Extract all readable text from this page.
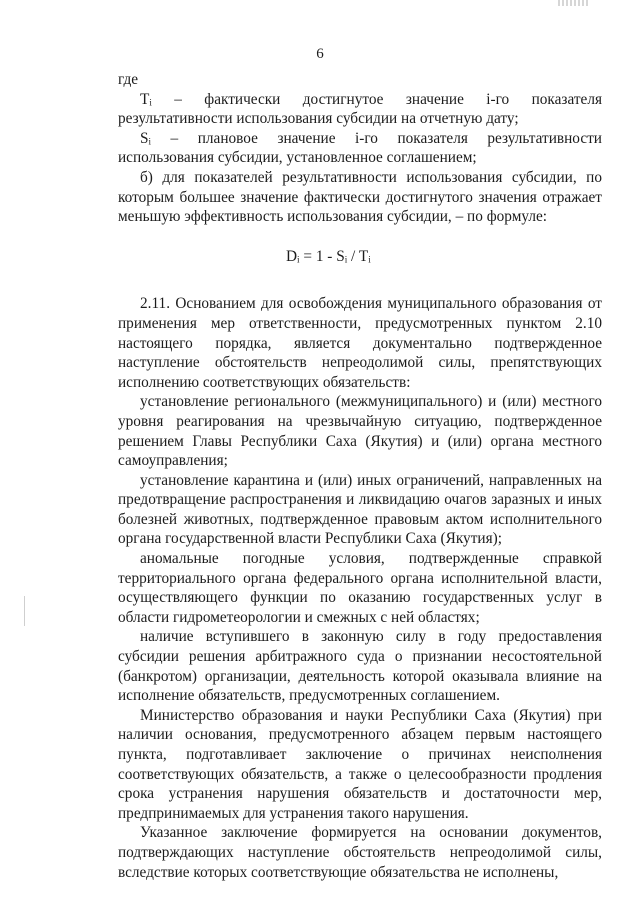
6

где

Tᵢ – фактически достигнутое значение i-го показателя результативности использования субсидии на отчетную дату;

Sᵢ – плановое значение i-го показателя результативности использования субсидии, установленное соглашением;

б) для показателей результативности использования субсидии, по которым большее значение фактически достигнутого значения отражает меньшую эффективность использования субсидии, – по формуле:

Dᵢ = 1 - Sᵢ / Tᵢ

2.11. Основанием для освобождения муниципального образования от применения мер ответственности, предусмотренных пунктом 2.10 настоящего порядка, является документально подтвержденное наступление обстоятельств непреодолимой силы, препятствующих исполнению соответствующих обязательств:

установление регионального (межмуниципального) и (или) местного уровня реагирования на чрезвычайную ситуацию, подтвержденное решением Главы Республики Саха (Якутия) и (или) органа местного самоуправления;

установление карантина и (или) иных ограничений, направленных на предотвращение распространения и ликвидацию очагов заразных и иных болезней животных, подтвержденное правовым актом исполнительного органа государственной власти Республики Саха (Якутия);

аномальные погодные условия, подтвержденные справкой территориального органа федерального органа исполнительной власти, осуществляющего функции по оказанию государственных услуг в области гидрометеорологии и смежных с ней областях;

наличие вступившего в законную силу в году предоставления субсидии решения арбитражного суда о признании несостоятельной (банкротом) организации, деятельность которой оказывала влияние на исполнение обязательств, предусмотренных соглашением.

Министерство образования и науки Республики Саха (Якутия) при наличии основания, предусмотренного абзацем первым настоящего пункта, подготавливает заключение о причинах неисполнения соответствующих обязательств, а также о целесообразности продления срока устранения нарушения обязательств и достаточности мер, предпринимаемых для устранения такого нарушения.

Указанное заключение формируется на основании документов, подтверждающих наступление обстоятельств непреодолимой силы, вследствие которых соответствующие обязательства не исполнены,
